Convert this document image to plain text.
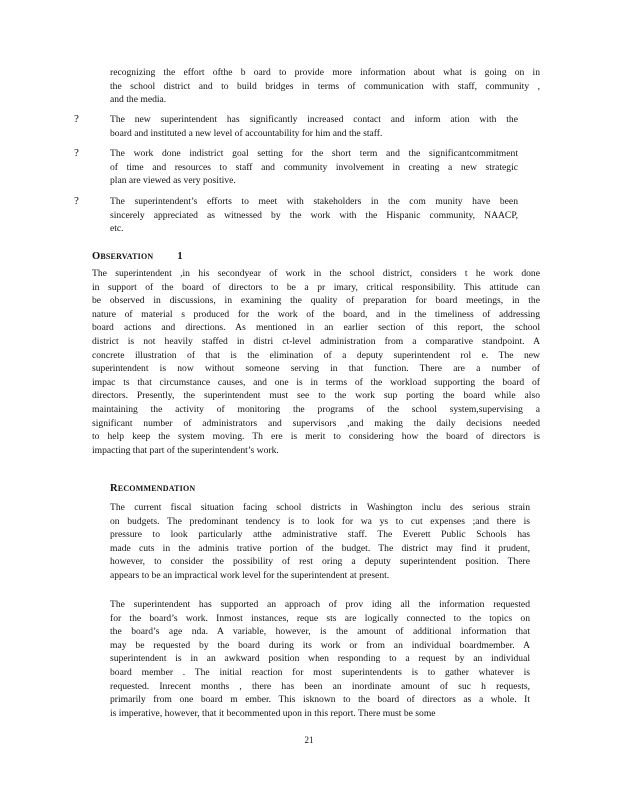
recognizing the effort ofthe b oard to provide more information about what is going on in
the school district and to build bridges in terms of communication with staff, community ,
and the media.
?	The new superintendent has significantly increased contact and inform ation with the
board and instituted a new level of accountability for him and the staff.
?	The work done indistrict goal setting for the short term and the significantcommitment
of time and resources to staff and community involvement in creating a new strategic
plan are viewed as very positive.
?	The superintendent’s efforts to meet with stakeholders in the com munity have been
sincerely appreciated as witnessed by the work with the Hispanic community, NAACP,
etc.
OBSERVATION 1
The superintendent ,in his secondyear of work in the school district, considers t he work done
in support of the board of directors to be a pr imary, critical responsibility. This attitude can
be observed in discussions, in examining the quality of preparation for board meetings, in the
nature of material s produced for the work of the board, and in the timeliness of addressing
board actions and directions. As mentioned in an earlier section of this report, the school
district is not heavily staffed in distri ct-level administration from a comparative standpoint. A
concrete illustration of that is the elimination of a deputy superintendent rol e. The new
superintendent is now without someone serving in that function. There are a number of
impac ts that circumstance causes, and one is in terms of the workload supporting the board of
directors. Presently, the superintendent must see to the work sup porting the board while also
maintaining the activity of monitoring the programs of the school system,supervising a
significant number of administrators and supervisors ,and making the daily decisions needed
to help keep the system moving. Th ere is merit to considering how the board of directors is
impacting that part of the superintendent’s work.
RECOMMENDATION
The current fiscal situation facing school districts in Washington inclu des serious strain
on budgets. The predominant tendency is to look for wa ys to cut expenses ;and there is
pressure to look particularly atthe administrative staff. The Everett Public Schools has
made cuts in the adminis trative portion of the budget. The district may find it prudent,
however, to consider the possibility of rest oring a deputy superintendent position. There
appears to be an impractical work level for the superintendent at present.
The superintendent has supported an approach of prov iding all the information requested
for the board’s work. Inmost instances, reque sts are logically connected to the topics on
the board’s age nda. A variable, however, is the amount of additional information that
may be requested by the board during its work or from an individual boardmember. A
superintendent is in an awkward position when responding to a request by an individual
board member . The initial reaction for most superintendents is to gather whatever is
requested. Inrecent months , there has been an inordinate amount of suc h requests,
primarily from one board m ember. This isknown to the board of directors as a whole. It
is imperative, however, that it becommented upon in this report. There must be some
21
